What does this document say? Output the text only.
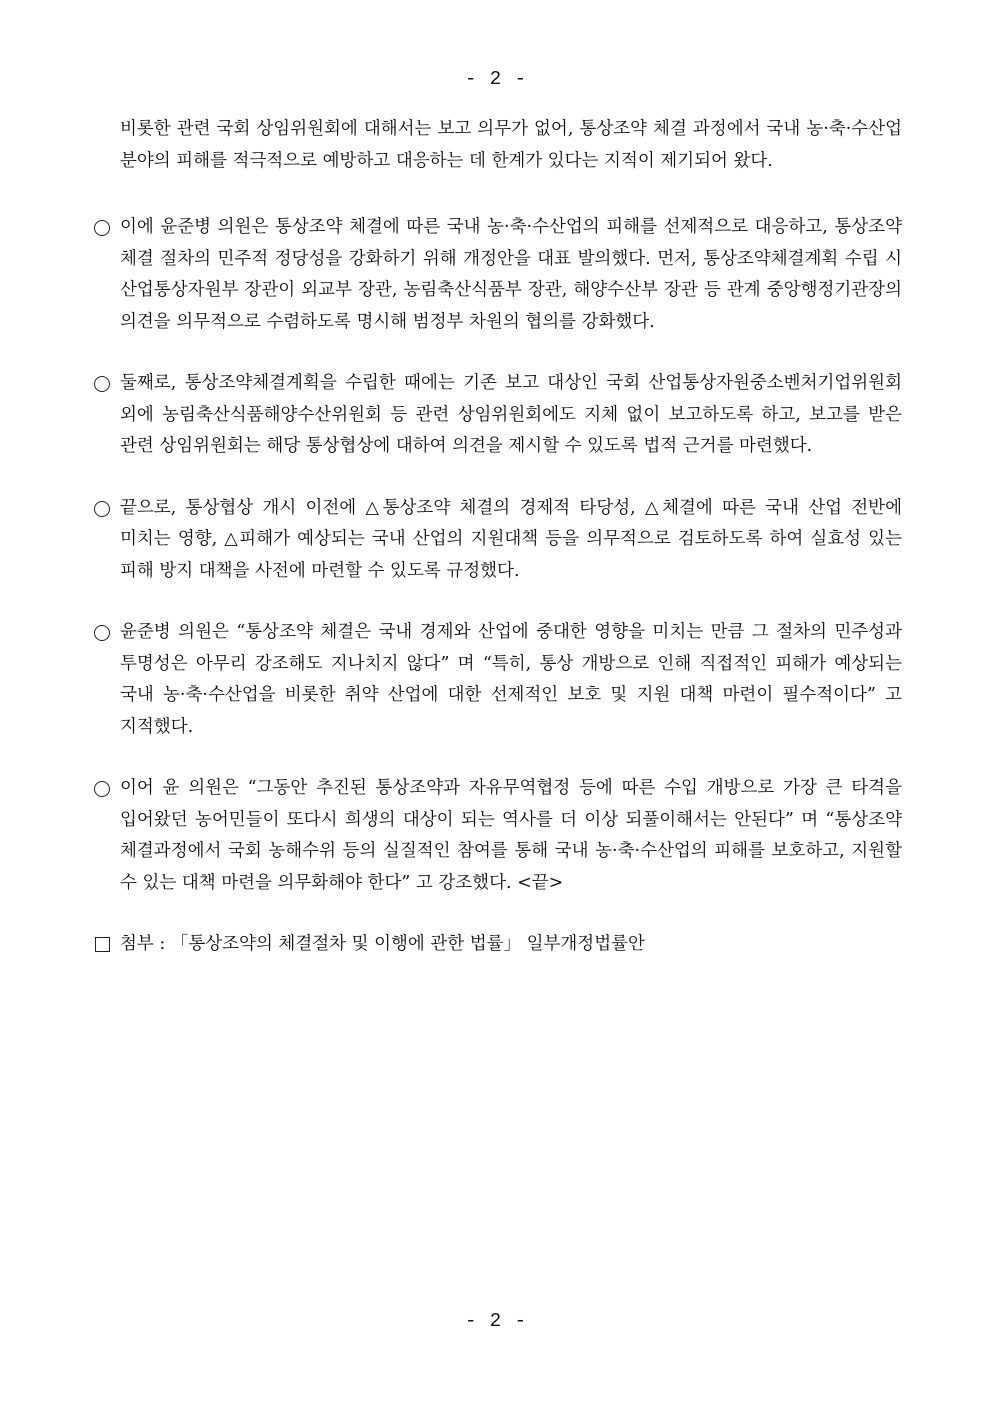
- 2 -

비롯한 관련 국회 상임위원회에 대해서는 보고 의무가 없어, 통상조약 체결 과정에서 국내 농·축·수산업 분야의 피해를 적극적으로 예방하고 대응하는 데 한계가 있다는 지적이 제기되어 왔다.

이에 윤준병 의원은 통상조약 체결에 따른 국내 농·축·수산업의 피해를 선제적으로 대응하고, 통상조약 체결 절차의 민주적 정당성을 강화하기 위해 개정안을 대표 발의했다. 먼저, 통상조약체결계획 수립 시 산업통상자원부 장관이 외교부 장관, 농림축산식품부 장관, 해양수산부 장관 등 관계 중앙행정기관장의 의견을 의무적으로 수렴하도록 명시해 범정부 차원의 협의를 강화했다.
둘째로, 통상조약체결계획을 수립한 때에는 기존 보고 대상인 국회 산업통상자원중소벤처기업위원회 외에 농림축산식품해양수산위원회 등 관련 상임위원회에도 지체 없이 보고하도록 하고, 보고를 받은 관련 상임위원회는 해당 통상협상에 대하여 의견을 제시할 수 있도록 법적 근거를 마련했다.
끝으로, 통상협상 개시 이전에 △통상조약 체결의 경제적 타당성, △체결에 따른 국내 산업 전반에 미치는 영향, △피해가 예상되는 국내 산업의 지원대책 등을 의무적으로 검토하도록 하여 실효성 있는 피해 방지 대책을 사전에 마련할 수 있도록 규정했다.
윤준병 의원은 “통상조약 체결은 국내 경제와 산업에 중대한 영향을 미치는 만큼 그 절차의 민주성과 투명성은 아무리 강조해도 지나치지 않다” 며 “특히, 통상 개방으로 인해 직접적인 피해가 예상되는 국내 농·축·수산업을 비롯한 취약 산업에 대한 선제적인 보호 및 지원 대책 마련이 필수적이다” 고 지적했다.
이어 윤 의원은 “그동안 추진된 통상조약과 자유무역협정 등에 따른 수입 개방으로 가장 큰 타격을 입어왔던 농어민들이 또다시 희생의 대상이 되는 역사를 더 이상 되풀이해서는 안된다” 며 “통상조약 체결과정에서 국회 농해수위 등의 실질적인 참여를 통해 국내 농·축·수산업의 피해를 보호하고, 지원할 수 있는 대책 마련을 의무화해야 한다” 고 강조했다. <끝>
첨부 : 「통상조약의 체결절차 및 이행에 관한 법률」 일부개정법률안
- 2 -
